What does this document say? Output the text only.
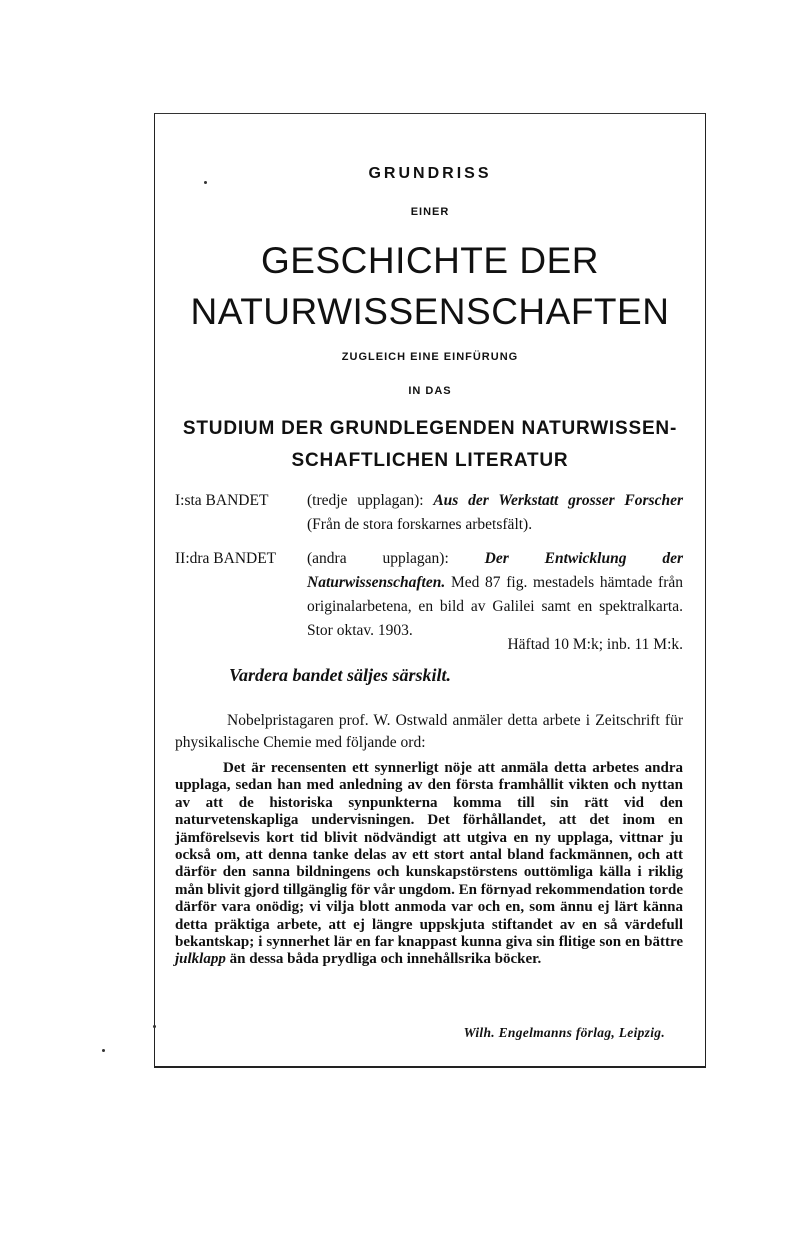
GRUNDRISS
EINER
GESCHICHTE DER
NATURWISSENSCHAFTEN
ZUGLEICH EINE EINFÜRUNG
IN DAS
STUDIUM DER GRUNDLEGENDEN NATURWISSEN-
SCHAFTLICHEN LITERATUR
I:sta BANDET (tredje upplagan): Aus der Werkstatt grosser Forscher (Från de stora forskarnes arbetsfält).
II:dra BANDET (andra upplagan): Der Entwicklung der Naturwissenschaften. Med 87 fig. mestadels hämtade från originalarbetena, en bild av Galilei samt en spektralkarta. Stor oktav. 1903.
Häftad 10 M:k; inb. 11 M:k.
Vardera bandet säljes särskilt.
Nobelpristagaren prof. W. Ostwald anmäler detta arbete i Zeitschrift für physikalische Chemie med följande ord:
Det är recensenten ett synnerligt nöje att anmäla detta arbetes andra upplaga, sedan han med anledning av den första framhållit vikten och nyttan av att de historiska synpunkterna komma till sin rätt vid den naturvetenskapliga undervisningen. Det förhållandet, att det inom en jämförelsevis kort tid blivit nödvändigt att utgiva en ny upplaga, vittnar ju också om, att denna tanke delas av ett stort antal bland fackmännen, och att därför den sanna bildningens och kunskapstörstens outtömliga källa i riklig mån blivit gjord tillgänglig för vår ungdom. En förnyad rekommendation torde därför vara onödig; vi vilja blott anmoda var och en, som ännu ej lärt känna detta präktiga arbete, att ej längre uppskjuta stiftandet av en så värdefull bekantskap; i synnerhet lär en far knappast kunna giva sin flitige son en bättre julklapp än dessa båda prydliga och innehållsrika böcker.
Wilh. Engelmanns förlag, Leipzig.
